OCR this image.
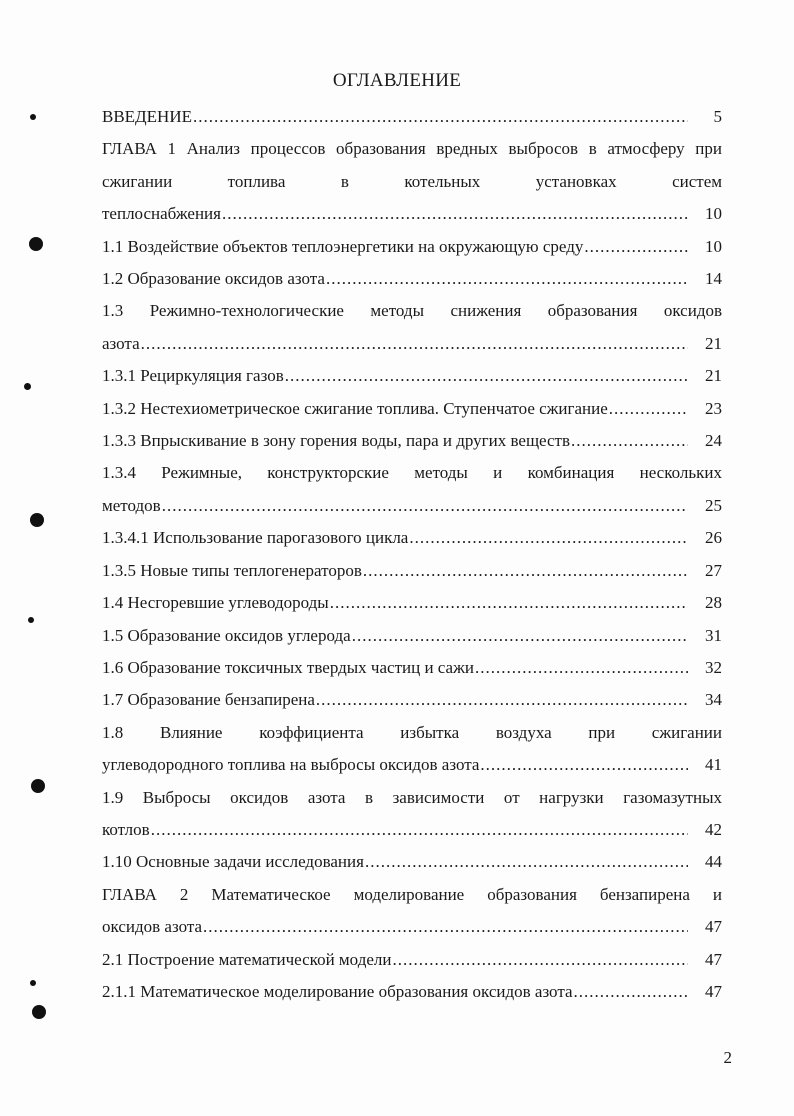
ОГЛАВЛЕНИЕ
ВВЕДЕНИЕ .....	5
ГЛАВА 1 Анализ процессов образования вредных выбросов в атмосферу при сжигании топлива в котельных установках систем
теплоснабжения .....	10
1.1 Воздействие объектов теплоэнергетики на окружающую среду .....	10
1.2 Образование оксидов азота .....	14
1.3 Режимно-технологические методы снижения образования оксидов
азота .....	21
1.3.1 Рециркуляция газов .....	21
1.3.2 Нестехиометрическое сжигание топлива. Ступенчатое сжигание .....	23
1.3.3 Впрыскивание в зону горения воды, пара и других веществ .....	24
1.3.4 Режимные, конструкторские методы и комбинация нескольких
методов .....	25
1.3.4.1 Использование парогазового цикла .....	26
1.3.5 Новые типы теплогенераторов .....	27
1.4 Несгоревшие углеводороды .....	28
1.5 Образование оксидов углерода .....	31
1.6 Образование токсичных твердых частиц и сажи .....	32
1.7 Образование бензапирена .....	34
1.8 Влияние коэффициента избытка воздуха при сжигании
углеводородного топлива на выбросы оксидов азота .....	41
1.9 Выбросы оксидов азота в зависимости от нагрузки газомазутных
котлов .....	42
1.10 Основные задачи исследования .....	44
ГЛАВА 2 Математическое моделирование образования бензапирена и
оксидов азота .....	47
2.1 Построение математической модели .....	47
2.1.1 Математическое моделирование образования оксидов азота .....	47
2
